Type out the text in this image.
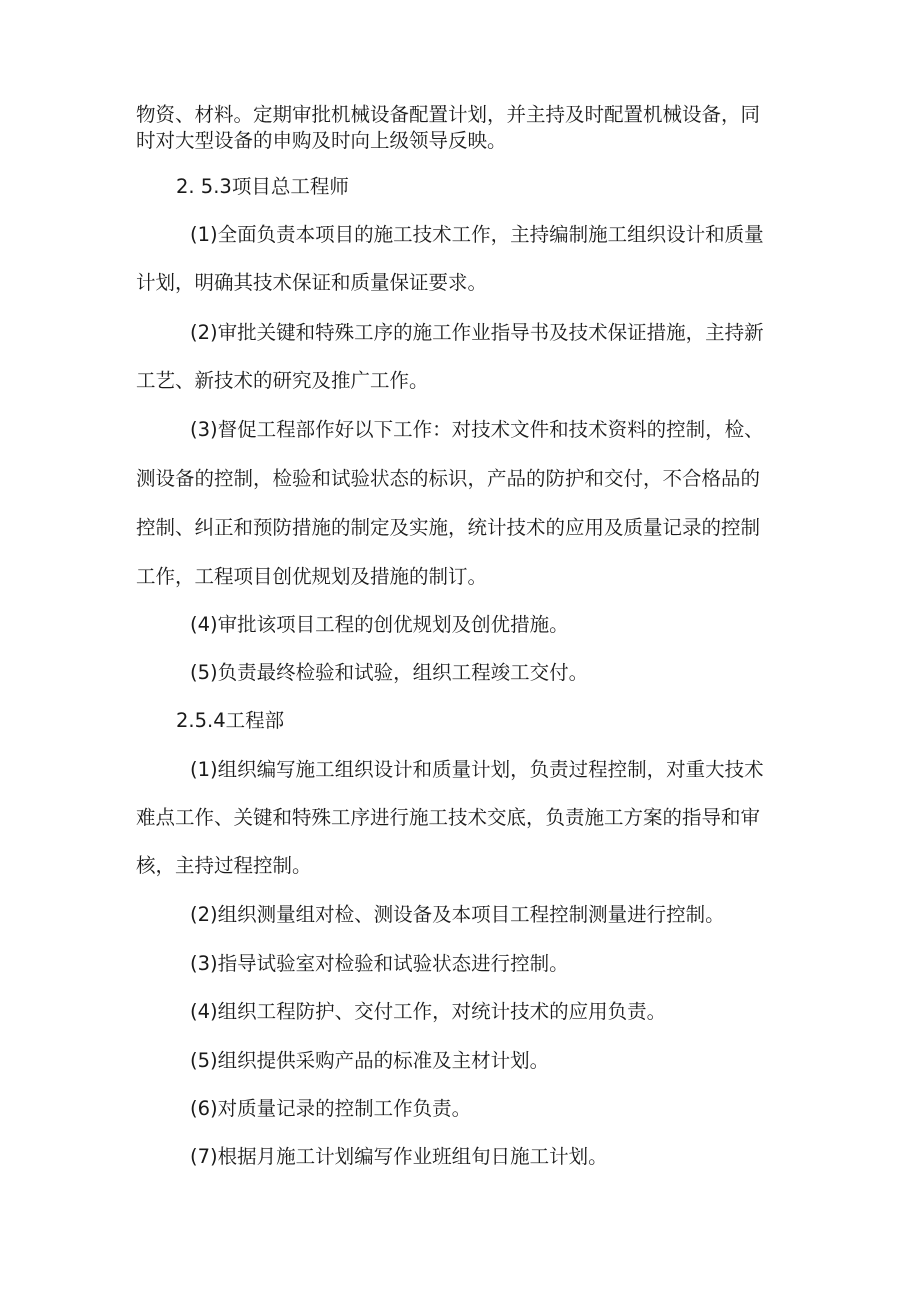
物资、材料。定期审批机械设备配置计划，并主持及时配置机械设备，同
时对大型设备的申购及时向上级领导反映。
2. 5.3项目总工程师
(1)全面负责本项目的施工技术工作，主持编制施工组织设计和质量
计划，明确其技术保证和质量保证要求。
(2)审批关键和特殊工序的施工作业指导书及技术保证措施，主持新
工艺、新技术的研究及推广工作。
(3)督促工程部作好以下工作：对技术文件和技术资料的控制，检、
测设备的控制，检验和试验状态的标识，产品的防护和交付，不合格品的
控制、纠正和预防措施的制定及实施，统计技术的应用及质量记录的控制
工作，工程项目创优规划及措施的制订。
(4)审批该项目工程的创优规划及创优措施。
(5)负责最终检验和试验，组织工程竣工交付。
2.5.4工程部
(1)组织编写施工组织设计和质量计划，负责过程控制，对重大技术
难点工作、关键和特殊工序进行施工技术交底，负责施工方案的指导和审
核，主持过程控制。
(2)组织测量组对检、测设备及本项目工程控制测量进行控制。
(3)指导试验室对检验和试验状态进行控制。
(4)组织工程防护、交付工作，对统计技术的应用负责。
(5)组织提供采购产品的标准及主材计划。
(6)对质量记录的控制工作负责。
(7)根据月施工计划编写作业班组旬日施工计划。
